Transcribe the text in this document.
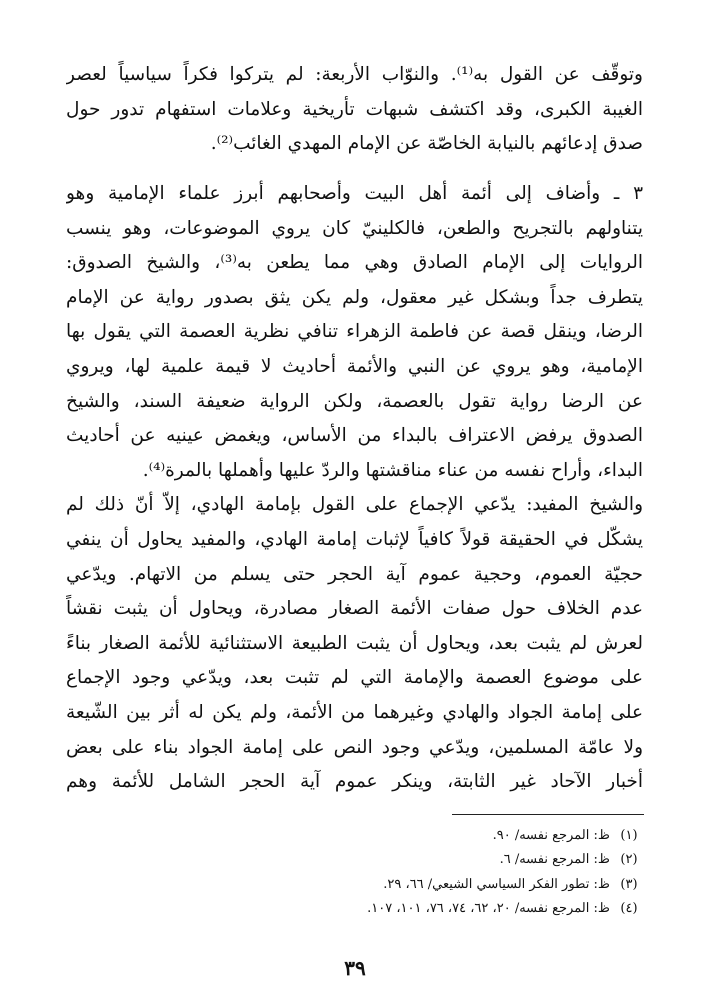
وتوقّف عن القول به⁽¹⁾. والنوّاب الأربعة: لم يتركوا فكراً سياسياً لعصر
الغيبة الكبرى، وقد اكتشف شبهات تأريخية وعلامات استفهام تدور حول
صدق إدعائهم بالنيابة الخاصّة عن الإمام المهدي الغائب⁽²⁾.
٣ ـ وأضاف إلى أئمة أهل البيت وأصحابهم أبرز علماء الإمامية وهو
يتناولهم بالتجريح والطعن، فالكلينيّ كان يروي الموضوعات، وهو ينسب
الروايات إلى الإمام الصادق وهي مما يطعن به⁽³⁾، والشيخ الصدوق:
يتطرف جداً وبشكل غير معقول، ولم يكن يثق بصدور رواية عن الإمام
الرضا، وينقل قصة عن فاطمة الزهراء تنافي نظرية العصمة التي يقول بها
الإمامية، وهو يروي عن النبي والأئمة أحاديث لا قيمة علمية لها، ويروي
عن الرضا رواية تقول بالعصمة، ولكن الرواية ضعيفة السند، والشيخ
الصدوق يرفض الاعتراف بالبداء من الأساس، ويغمض عينيه عن أحاديث
البداء، وأراح نفسه من عناء مناقشتها والردّ عليها وأهملها بالمرة⁽⁴⁾.
والشيخ المفيد: يدّعي الإجماع على القول بإمامة الهادي، إلاّ أنّ ذلك لم
يشكّل في الحقيقة قولاً كافياً لإثبات إمامة الهادي، والمفيد يحاول أن ينفي
حجيّة العموم، وحجية عموم آية الحجر حتى يسلم من الاتهام. ويدّعي
عدم الخلاف حول صفات الأئمة الصغار مصادرة، ويحاول أن يثبت نقشاً
لعرش لم يثبت بعد، ويحاول أن يثبت الطبيعة الاستثنائية للأئمة الصغار بناءً
على موضوع العصمة والإمامة التي لم تثبت بعد، ويدّعي وجود الإجماع
على إمامة الجواد والهادي وغيرهما من الأئمة، ولم يكن له أثر بين الشّيعة
ولا عامّة المسلمين، ويدّعي وجود النص على إمامة الجواد بناء على بعض
أخبار الآحاد غير الثابتة، وينكر عموم آية الحجر الشامل للأئمة وهم
(١) ظ: المرجع نفسه/ ٩٠.
(٢) ظ: المرجع نفسه/ ٦.
(٣) ظ: تطور الفكر السياسي الشيعي/ ٦٦، ٢٩.
(٤) ظ: المرجع نفسه/ ٢٠، ٦٢، ٧٤، ٧٦، ١٠١، ١٠٧.
٣٩
